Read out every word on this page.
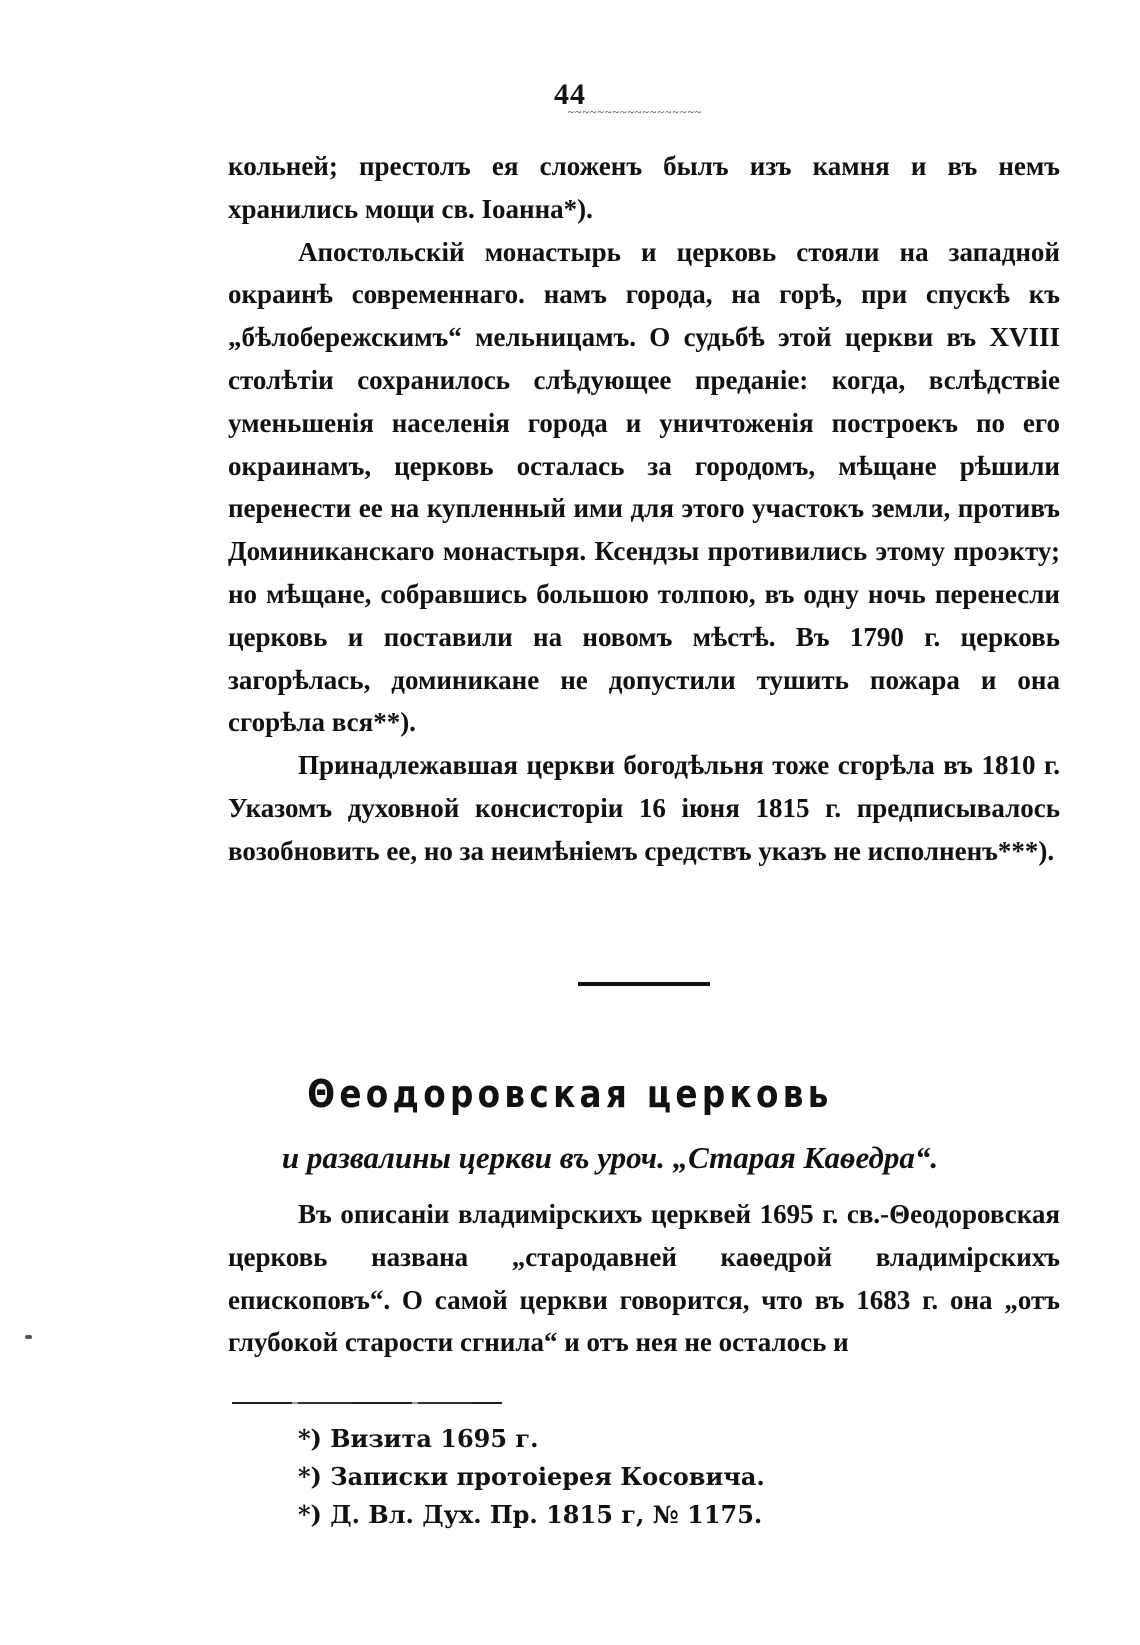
44
~~~~~~~~~~~~~~~~~~

кольней; престолъ ея сложенъ былъ изъ камня и въ немъ хранились мощи св. Іоанна*).

Апостольскій монастырь и церковь стояли на западной окраинѣ современнаго. намъ города, на горѣ, при спускѣ къ „бѣлобережскимъ“ мельницамъ. О судьбѣ этой церкви въ XVIII столѣтіи сохранилось слѣдующее преданіе: когда, вслѣдствіе уменьшенія населенія города и уничтоженія построекъ по его окраинамъ, церковь осталась за городомъ, мѣщане рѣшили перенести ее на купленный ими для этого участокъ земли, противъ Доминиканскаго монастыря. Ксендзы противились этому проэкту; но мѣщане, собравшись большою толпою, въ одну ночь перенесли церковь и поставили на новомъ мѣстѣ. Въ 1790 г. церковь загорѣлась, доминикане не допустили тушить пожара и она сгорѣла вся**).

Принадлежавшая церкви богодѣльня тоже сгорѣла въ 1810 г. Указомъ духовной консисторіи 16 іюня 1815 г. предписывалось возобновить ее, но за неимѣніемъ средствъ указъ не исполненъ***).

Θеодоровская церковь
и развалины церкви въ уроч. „Старая Каѳедра“.

Въ описаніи владимірскихъ церквей 1695 г. св.-Θеодоровская церковь названа „стародавней каѳедрой владимірскихъ епископовъ“. О самой церкви говорится, что въ 1683 г. она „отъ глубокой старости сгнила“ и отъ нея не осталось и

*) Визита 1695 г.
*) Записки протоіерея Косовича.
*) Д. Вл. Дух. Пр. 1815 г, № 1175.
